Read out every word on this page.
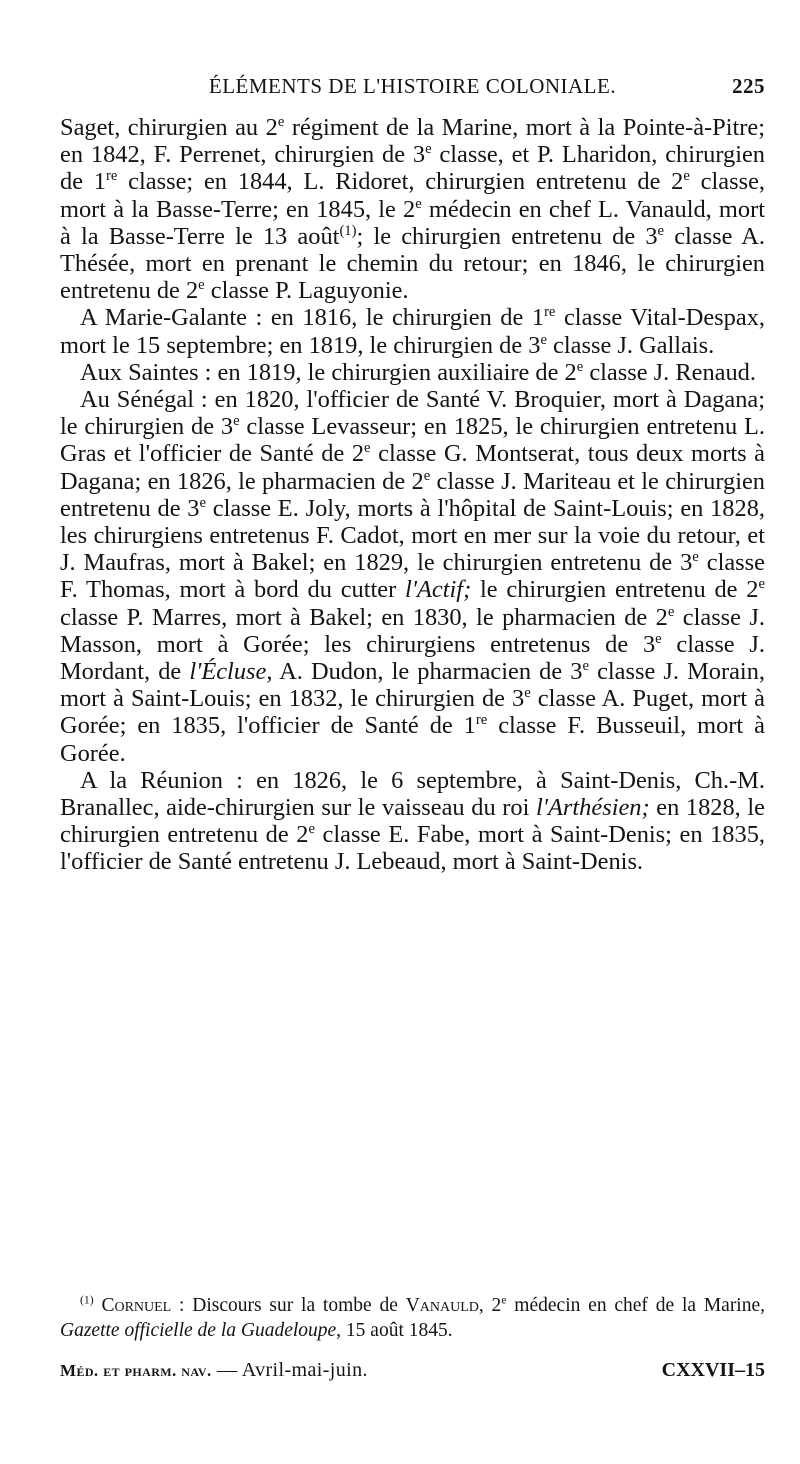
ÉLÉMENTS DE L'HISTOIRE COLONIALE.	225

Saget, chirurgien au 2e régiment de la Marine, mort à la Pointe-à-Pitre; en 1842, F. Perrenet, chirurgien de 3e classe, et P. Lharidon, chirurgien de 1re classe; en 1844, L. Ridoret, chirurgien entretenu de 2e classe, mort à la Basse-Terre; en 1845, le 2e médecin en chef L. Vanauld, mort à la Basse-Terre le 13 août$^{(1)}$; le chirurgien entretenu de 3e classe A. Thésée, mort en prenant le chemin du retour; en 1846, le chirurgien entretenu de 2e classe P. Laguyonie.

A Marie-Galante : en 1816, le chirurgien de 1re classe Vital-Despax, mort le 15 septembre; en 1819, le chirurgien de 3e classe J. Gallais.

Aux Saintes : en 1819, le chirurgien auxiliaire de 2e classe J. Renaud.

Au Sénégal : en 1820, l'officier de Santé V. Broquier, mort à Dagana; le chirurgien de 3e classe Levasseur; en 1825, le chirurgien entretenu L. Gras et l'officier de Santé de 2e classe G. Montserat, tous deux morts à Dagana; en 1826, le pharmacien de 2e classe J. Mariteau et le chirurgien entretenu de 3e classe E. Joly, morts à l'hôpital de Saint-Louis; en 1828, les chirurgiens entretenus F. Cadot, mort en mer sur la voie du retour, et J. Maufras, mort à Bakel; en 1829, le chirurgien entretenu de 3e classe F. Thomas, mort à bord du cutter l'Actif; le chirurgien entretenu de 2e classe P. Marres, mort à Bakel; en 1830, le pharmacien de 2e classe J. Masson, mort à Gorée; les chirurgiens entretenus de 3e classe J. Mordant, de l'Écluse, A. Dudon, le pharmacien de 3e classe J. Morain, mort à Saint-Louis; en 1832, le chirurgien de 3e classe A. Puget, mort à Gorée; en 1835, l'officier de Santé de 1re classe F. Busseuil, mort à Gorée.

A la Réunion : en 1826, le 6 septembre, à Saint-Denis, Ch.-M. Branallec, aide-chirurgien sur le vaisseau du roi l'Arthésien; en 1828, le chirurgien entretenu de 2e classe E. Fabe, mort à Saint-Denis; en 1835, l'officier de Santé entretenu J. Lebeaud, mort à Saint-Denis.

$^{(1)}$ Cornuel : Discours sur la tombe de Vanauld, 2e médecin en chef de la Marine, Gazette officielle de la Guadeloupe, 15 août 1845.
Méd. et pharm. nav. — Avril-mai-juin.	CXXVII–15
